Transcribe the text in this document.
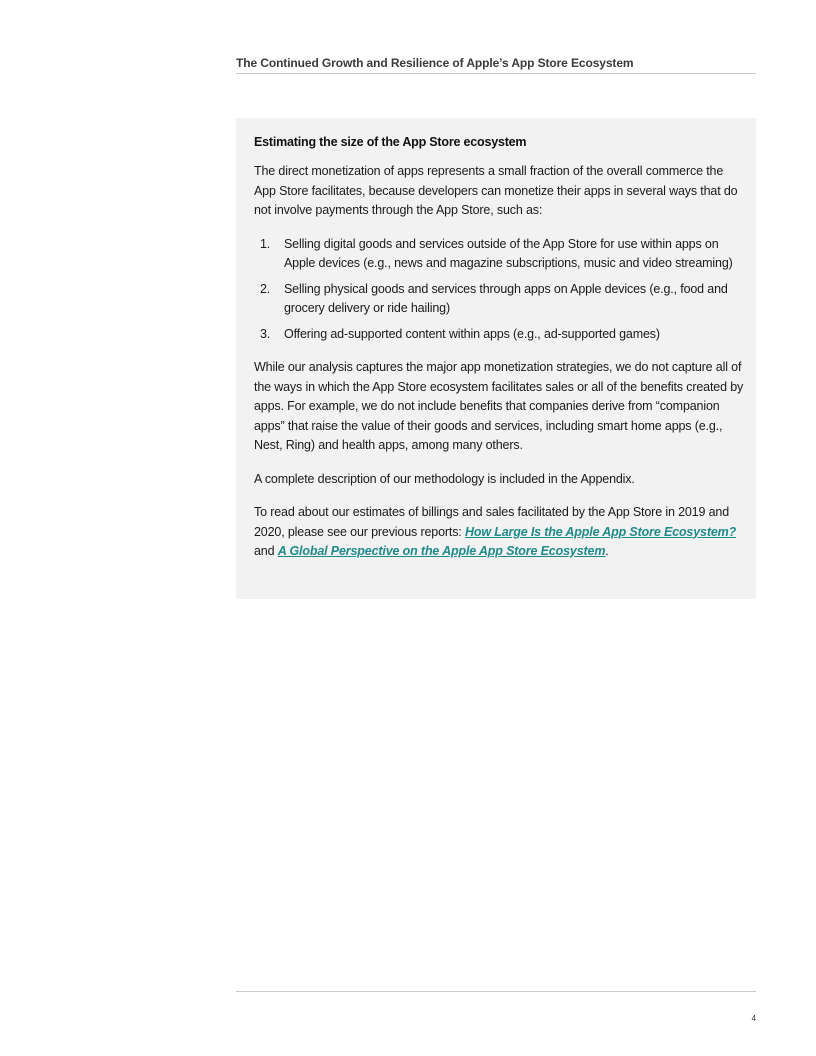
The Continued Growth and Resilience of Apple’s App Store Ecosystem

Estimating the size of the App Store ecosystem

The direct monetization of apps represents a small fraction of the overall commerce the App Store facilitates, because developers can monetize their apps in several ways that do not involve payments through the App Store, such as:

1.	Selling digital goods and services outside of the App Store for use within apps on Apple devices (e.g., news and magazine subscriptions, music and video streaming)
2.	Selling physical goods and services through apps on Apple devices (e.g., food and grocery delivery or ride hailing)
3.	Offering ad-supported content within apps (e.g., ad-supported games)

While our analysis captures the major app monetization strategies, we do not capture all of the ways in which the App Store ecosystem facilitates sales or all of the benefits created by apps. For example, we do not include benefits that companies derive from “companion apps” that raise the value of their goods and services, including smart home apps (e.g., Nest, Ring) and health apps, among many others.

A complete description of our methodology is included in the Appendix.

To read about our estimates of billings and sales facilitated by the App Store in 2019 and 2020, please see our previous reports: How Large Is the Apple App Store Ecosystem? and A Global Perspective on the Apple App Store Ecosystem.

4
